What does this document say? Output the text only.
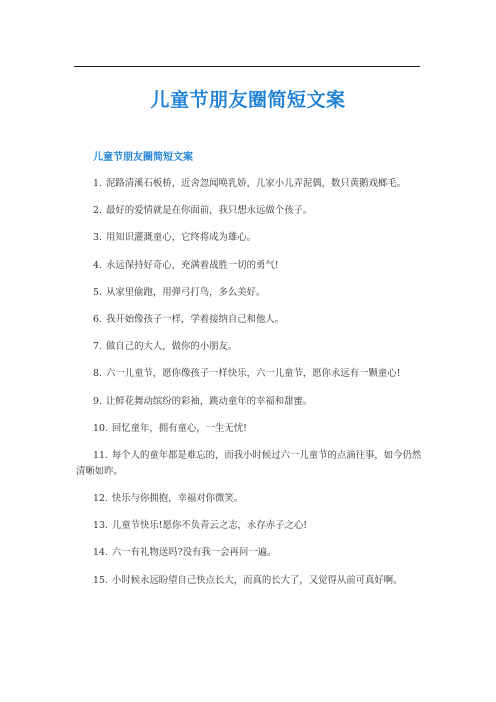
儿童节朋友圈简短文案
儿童节朋友圈简短文案
1. 泥路清溪石板桥，近舍忽闻唤乳娇，儿家小儿弄泥偶，数只黄鹅戏榔毛。
2. 最好的爱情就是在你面前，我只想永远做个孩子。
3. 用知识灌溉童心，它终将成为雄心。
4. 永远保持好奇心，充满着战胜一切的勇气!
5. 从家里偷跑，用弹弓打鸟，多么美好。
6. 我开始像孩子一样，学着接纳自己和他人。
7. 做自己的大人，做你的小朋友。
8. 六一儿童节，愿你像孩子一样快乐，六一儿童节，愿你永远有一颗童心!
9. 让鲜花舞动缤纷的彩袖，跳动童年的幸福和甜蜜。
10. 回忆童年，拥有童心，一生无忧!
11. 每个人的童年都是难忘的，而我小时候过六一儿童节的点滴往事，如今仍然清晰如昨。
12. 快乐与你拥抱，幸福对你微笑。
13. 儿童节快乐!愿你不负青云之志，永存赤子之心!
14. 六一有礼物送吗?没有我一会再问一遍。
15. 小时候永远盼望自己快点长大，而真的长大了，又觉得从前可真好啊。
